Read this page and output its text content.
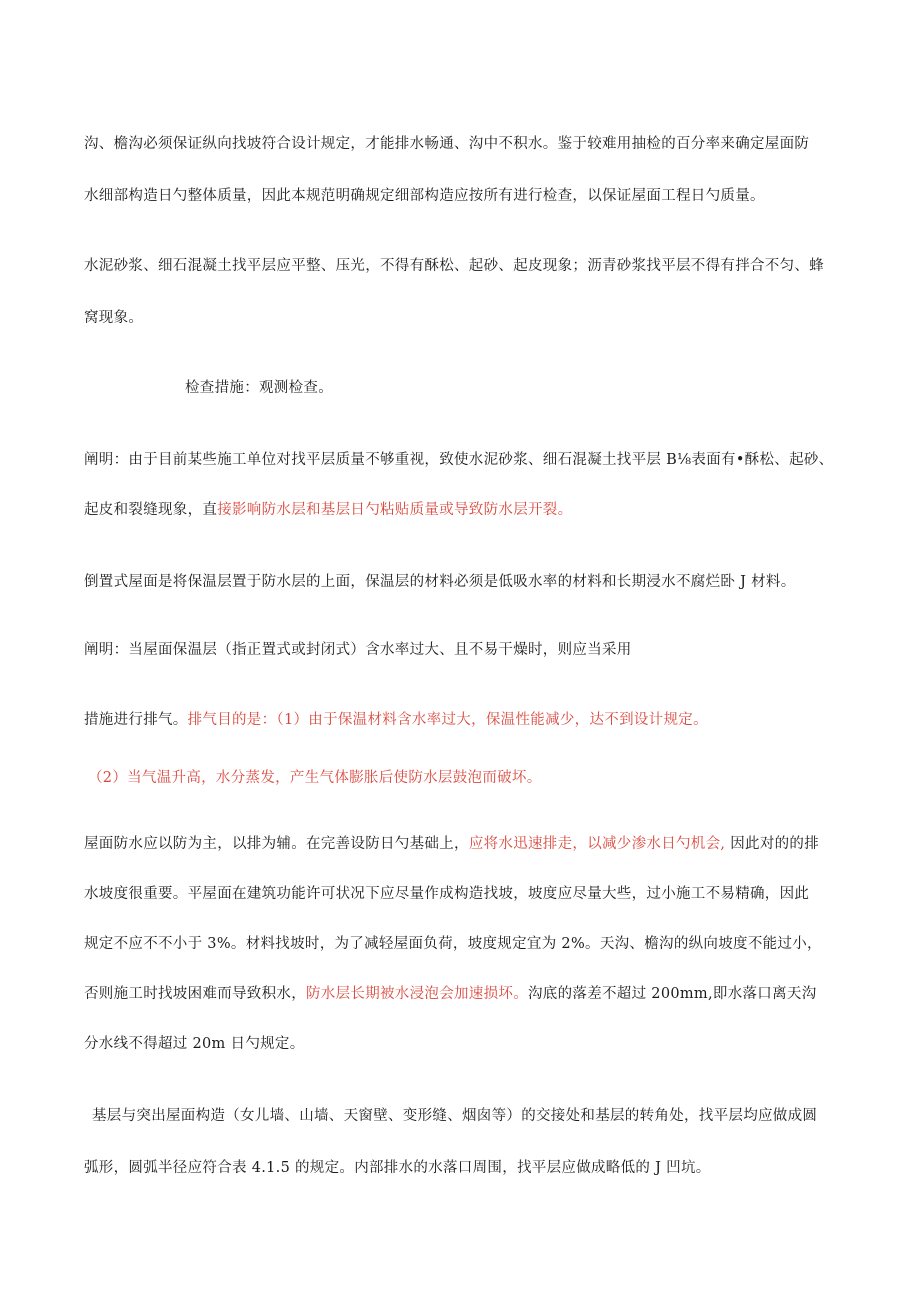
沟、檐沟必须保证纵向找坡符合设计规定，才能排水畅通、沟中不积水。鉴于较难用抽检的百分率来确定屋面防
水细部构造日勺整体质量，因此本规范明确规定细部构造应按所有进行检查，以保证屋面工程日勺质量。
水泥砂浆、细石混凝土找平层应平整、压光，不得有酥松、起砂、起皮现象；沥青砂浆找平层不得有拌合不匀、蜂
窝现象。
检查措施：观测检查。
阐明：由于目前某些施工单位对找平层质量不够重视，致使水泥砂浆、细石混凝土找平层 B⅛表面有•酥松、起砂、
起皮和裂缝现象，直接影响防水层和基层日勺粘贴质量或导致防水层开裂。
倒置式屋面是将保温层置于防水层的上面，保温层的材料必须是低吸水率的材料和长期浸水不腐烂卧 J 材料。
阐明：当屋面保温层（指正置式或封闭式）含水率过大、且不易干燥时，则应当采用
措施进行排气。排气目的是：（1）由于保温材料含水率过大，保温性能减少，达不到设计规定。
（2）当气温升高，水分蒸发，产生气体膨胀后使防水层鼓泡而破坏。
屋面防水应以防为主，以排为辅。在完善设防日勺基础上，应将水迅速排走，以减少渗水日勺机会, 因此对的的排
水坡度很重要。平屋面在建筑功能许可状况下应尽量作成构造找坡，坡度应尽量大些，过小施工不易精确，因此
规定不应不不小于 3%。材料找坡时，为了减轻屋面负荷，坡度规定宜为 2%。天沟、檐沟的纵向坡度不能过小，
否则施工时找坡困难而导致积水，防水层长期被水浸泡会加速损坏。沟底的落差不超过 200mm,即水落口离天沟
分水线不得超过 20m 日勺规定。
基层与突出屋面构造（女儿墙、山墙、天窗壁、变形缝、烟囱等）的交接处和基层的转角处，找平层均应做成圆
弧形，圆弧半径应符合表 4.1.5 的规定。内部排水的水落口周围，找平层应做成略低的 J 凹坑。
